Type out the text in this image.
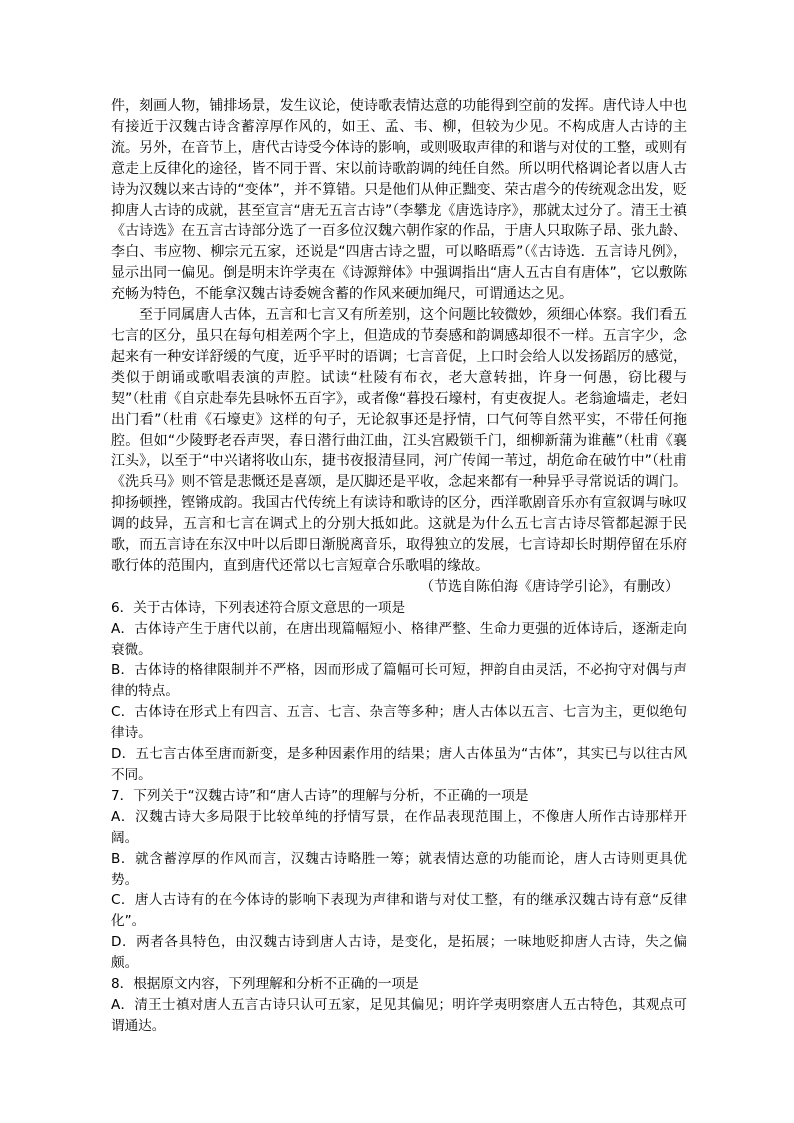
件，刻画人物，铺排场景，发生议论，使诗歌表情达意的功能得到空前的发挥。唐代诗人中也有接近于汉魏古诗含蓄淳厚作风的，如王、孟、韦、柳，但较为少见。不构成唐人古诗的主流。另外，在音节上，唐代古诗受今体诗的影响，或则吸取声律的和谐与对仗的工整，或则有意走上反律化的途径，皆不同于晋、宋以前诗歌韵调的纯任自然。所以明代格调论者以唐人古诗为汉魏以来古诗的“变体”，并不算错。只是他们从伸正黜变、荣古虐今的传统观念出发，贬抑唐人古诗的成就，甚至宣言“唐无五言古诗”（李攀龙《唐选诗序》，那就太过分了。清王士禛《古诗选》在五言古诗部分选了一百多位汉魏六朝作家的作品，于唐人只取陈子昂、张九龄、李白、韦应物、柳宗元五家，还说是“四唐古诗之盟，可以略晤焉”（《古诗选．五言诗凡例》，显示出同一偏见。倒是明末许学夷在《诗源辩体》中强调指出“唐人五古自有唐体”，它以敷陈充畅为特色，不能拿汉魏古诗委婉含蓄的作风来硬加绳尺，可谓通达之见。

至于同属唐人古体，五言和七言又有所差别，这个问题比较微妙，须细心体察。我们看五七言的区分，虽只在每句相差两个字上，但造成的节奏感和韵调感却很不一样。五言字少，念起来有一种安详舒缓的气度，近乎平时的语调；七言音促，上口时会给人以发扬蹈厉的感觉，类似于朗诵或歌唱表演的声腔。试读“杜陵有布衣，老大意转拙，许身一何愚，窃比稷与契”（杜甫《自京赴奉先县咏怀五百字》，或者像“暮投石壕村，有吏夜捉人。老翁逾墙走，老妇出门看”（杜甫《石壕吏》这样的句子，无论叙事还是抒情，口气何等自然平实，不带任何拖腔。但如“少陵野老吞声哭，春日潜行曲江曲，江头宫殿锁千门，细柳新蒲为谁蘸”（杜甫《襄江头》，以至于“中兴诸将收山东，捷书夜报清昼同，河广传闻一苇过，胡危命在破竹中”（杜甫《洗兵马》则不管是悲慨还是喜颂，是仄脚还是平收，念起来都有一种异乎寻常说话的调门。抑扬顿挫，铿锵成韵。我国古代传统上有读诗和歌诗的区分，西洋歌剧音乐亦有宣叙调与咏叹调的歧异，五言和七言在调式上的分别大抵如此。这就是为什么五七言古诗尽管都起源于民歌，而五言诗在东汉中叶以后即日渐脱离音乐，取得独立的发展，七言诗却长时期停留在乐府歌行体的范围内，直到唐代还常以七言短章合乐歌唱的缘故。

（节选自陈伯海《唐诗学引论》，有删改）

6．关于古体诗，下列表述符合原文意思的一项是

A．古体诗产生于唐代以前，在唐出现篇幅短小、格律严整、生命力更强的近体诗后，逐渐走向衰微。

B．古体诗的格律限制并不严格，因而形成了篇幅可长可短，押韵自由灵活，不必拘守对偶与声律的特点。

C．古体诗在形式上有四言、五言、七言、杂言等多种；唐人古体以五言、七言为主，更似绝句律诗。

D．五七言古体至唐而新变，是多种因素作用的结果；唐人古体虽为“古体”，其实已与以往古风不同。

7．下列关于“汉魏古诗”和“唐人古诗”的理解与分析，不正确的一项是

A．汉魏古诗大多局限于比较单纯的抒情写景，在作品表现范围上，不像唐人所作古诗那样开阔。

B．就含蓄淳厚的作风而言，汉魏古诗略胜一筹；就表情达意的功能而论，唐人古诗则更具优势。

C．唐人古诗有的在今体诗的影响下表现为声律和谐与对仗工整，有的继承汉魏古诗有意“反律化”。

D．两者各具特色，由汉魏古诗到唐人古诗，是变化，是拓展；一味地贬抑唐人古诗，失之偏颇。

8．根据原文内容，下列理解和分析不正确的一项是

A．清王士禛对唐人五言古诗只认可五家，足见其偏见；明许学夷明察唐人五古特色，其观点可谓通达。
